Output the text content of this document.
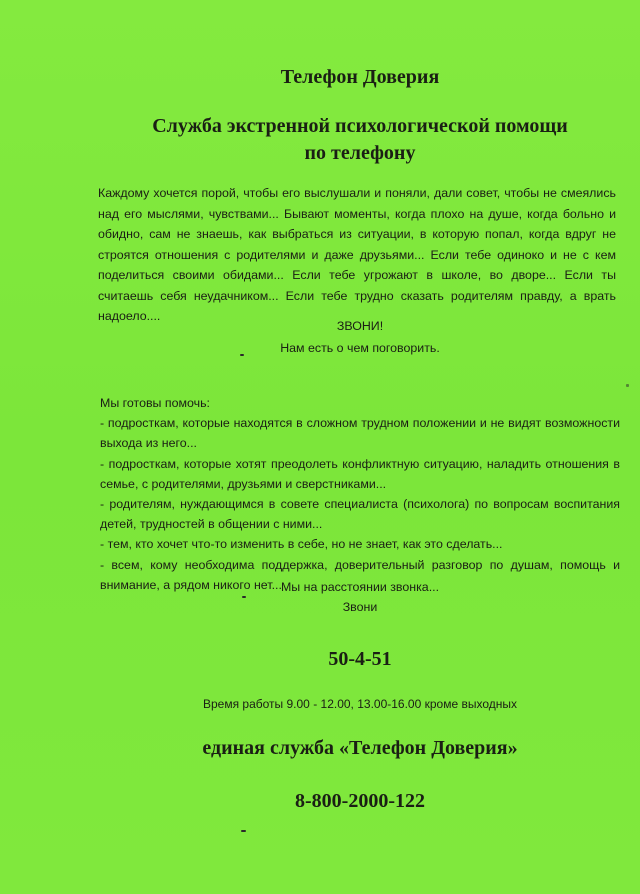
Телефон Доверия
Служба экстренной психологической помощи
по телефону
Каждому хочется порой, чтобы его выслушали и поняли, дали совет, чтобы не смеялись над его мыслями, чувствами... Бывают моменты, когда плохо на душе, когда больно и обидно, сам не знаешь, как выбраться из ситуации, в которую попал, когда вдруг не строятся отношения с родителями и даже друзьями... Если тебе одиноко и не с кем поделиться своими обидами... Если тебе угрожают в школе, во дворе... Если ты считаешь себя неудачником... Если тебе трудно сказать родителям правду, а врать надоело....
ЗВОНИ!
Нам есть о чем поговорить.

Мы готовы помочь:

- подросткам, которые находятся в сложном трудном положении и не видят возможности выхода из него...

- подросткам, которые хотят преодолеть конфликтную ситуацию, наладить отношения в семье, с родителями, друзьями и сверстниками...

- родителям, нуждающимся в совете специалиста (психолога) по вопросам воспитания детей, трудностей в общении с ними...

- тем, кто хочет что-то изменить в себе, но не знает, как это сделать...

- всем, кому необходима поддержка, доверительный разговор по душам, помощь и внимание, а рядом никого нет... Мы на расстоянии звонка...
Звони
50-4-51
Время работы 9.00 - 12.00, 13.00-16.00 кроме выходных
единая служба «Телефон Доверия»
8-800-2000-122
